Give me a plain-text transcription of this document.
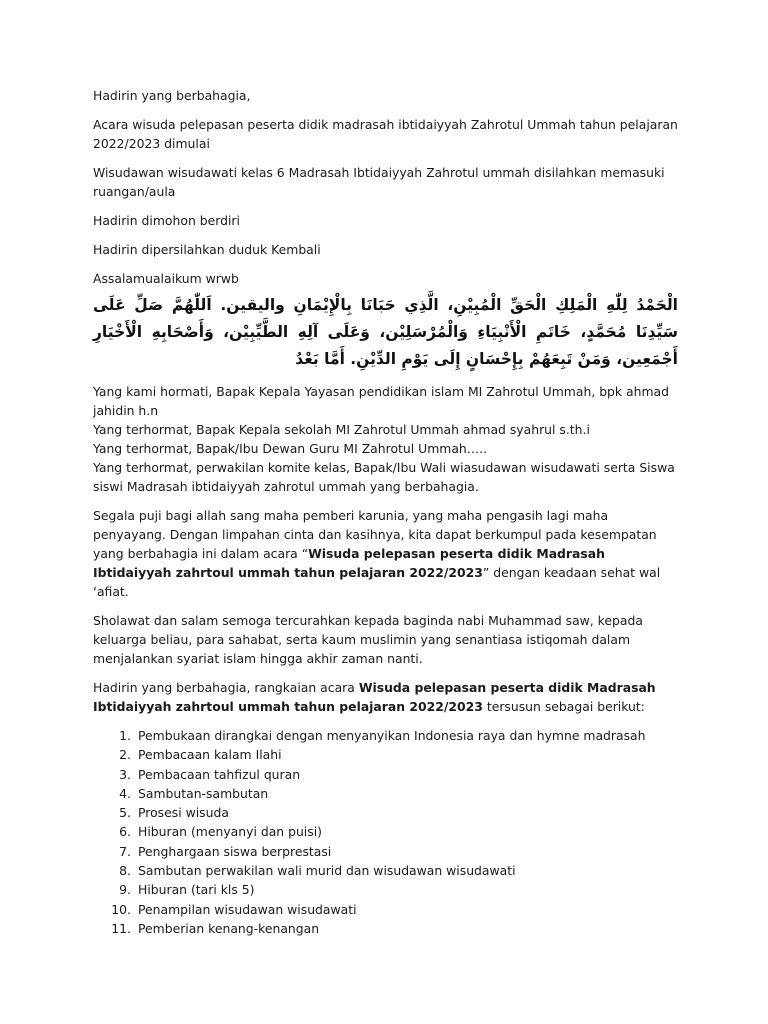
Hadirin yang berbahagia,

Acara wisuda pelepasan peserta didik madrasah ibtidaiyyah Zahrotul Ummah tahun pelajaran 2022/2023 dimulai

Wisudawan wisudawati kelas 6 Madrasah Ibtidaiyyah Zahrotul ummah disilahkan memasuki ruangan/aula

Hadirin dimohon berdiri

Hadirin dipersilahkan duduk Kembali

Assalamualaikum wrwb

الْحَمْدُ لِلّٰهِ الْمَلِكِ الْحَقِّ الْمُبِيْنِ، الَّذِي حَبَانَا بِالْإِيْمَانِ واليقين. اَللّٰهُمَّ صَلِّ عَلَى سَيِّدِنَا مُحَمَّدٍ، خَاتَمِ الْأَنْبِيَاءِ وَالْمُرْسَلِيْن، وَعَلَى آلِهِ الطَّيِّبِيْن، وَأَصْحَابِهِ الْأَخْيَارِ أَجْمَعِين، وَمَنْ تَبِعَهُمْ بِإِحْسَانٍ إِلَى يَوْمِ الدِّيْنِ. أَمَّا بَعْدُ
Yang kami hormati, Bapak Kepala Yayasan pendidikan islam MI Zahrotul Ummah, bpk ahmad jahidin h.n
Yang terhormat, Bapak Kepala sekolah MI Zahrotul Ummah ahmad syahrul s.th.i
Yang terhormat, Bapak/Ibu Dewan Guru MI Zahrotul Ummah…..
Yang terhormat, perwakilan komite kelas, Bapak/Ibu Wali wiasudawan wisudawati serta Siswa siswi Madrasah ibtidaiyyah zahrotul ummah yang berbahagia.

Segala puji bagi allah sang maha pemberi karunia, yang maha pengasih lagi maha penyayang. Dengan limpahan cinta dan kasihnya, kita dapat berkumpul pada kesempatan yang berbahagia ini dalam acara “Wisuda pelepasan peserta didik Madrasah Ibtidaiyyah zahrtoul ummah tahun pelajaran 2022/2023” dengan keadaan sehat wal ‘afiat.

Sholawat dan salam semoga tercurahkan kepada baginda nabi Muhammad saw, kepada keluarga beliau, para sahabat, serta kaum muslimin yang senantiasa istiqomah dalam menjalankan syariat islam hingga akhir zaman nanti.

Hadirin yang berbahagia, rangkaian acara Wisuda pelepasan peserta didik Madrasah Ibtidaiyyah zahrtoul ummah tahun pelajaran 2022/2023 tersusun sebagai berikut:

1. Pembukaan dirangkai dengan menyanyikan Indonesia raya dan hymne madrasah
2. Pembacaan kalam Ilahi
3. Pembacaan tahfizul quran
4. Sambutan-sambutan
5. Prosesi wisuda
6. Hiburan (menyanyi dan puisi)
7. Penghargaan siswa berprestasi
8. Sambutan perwakilan wali murid dan wisudawan wisudawati
9. Hiburan (tari kls 5)
10. Penampilan wisudawan wisudawati
11. Pemberian kenang-kenangan
